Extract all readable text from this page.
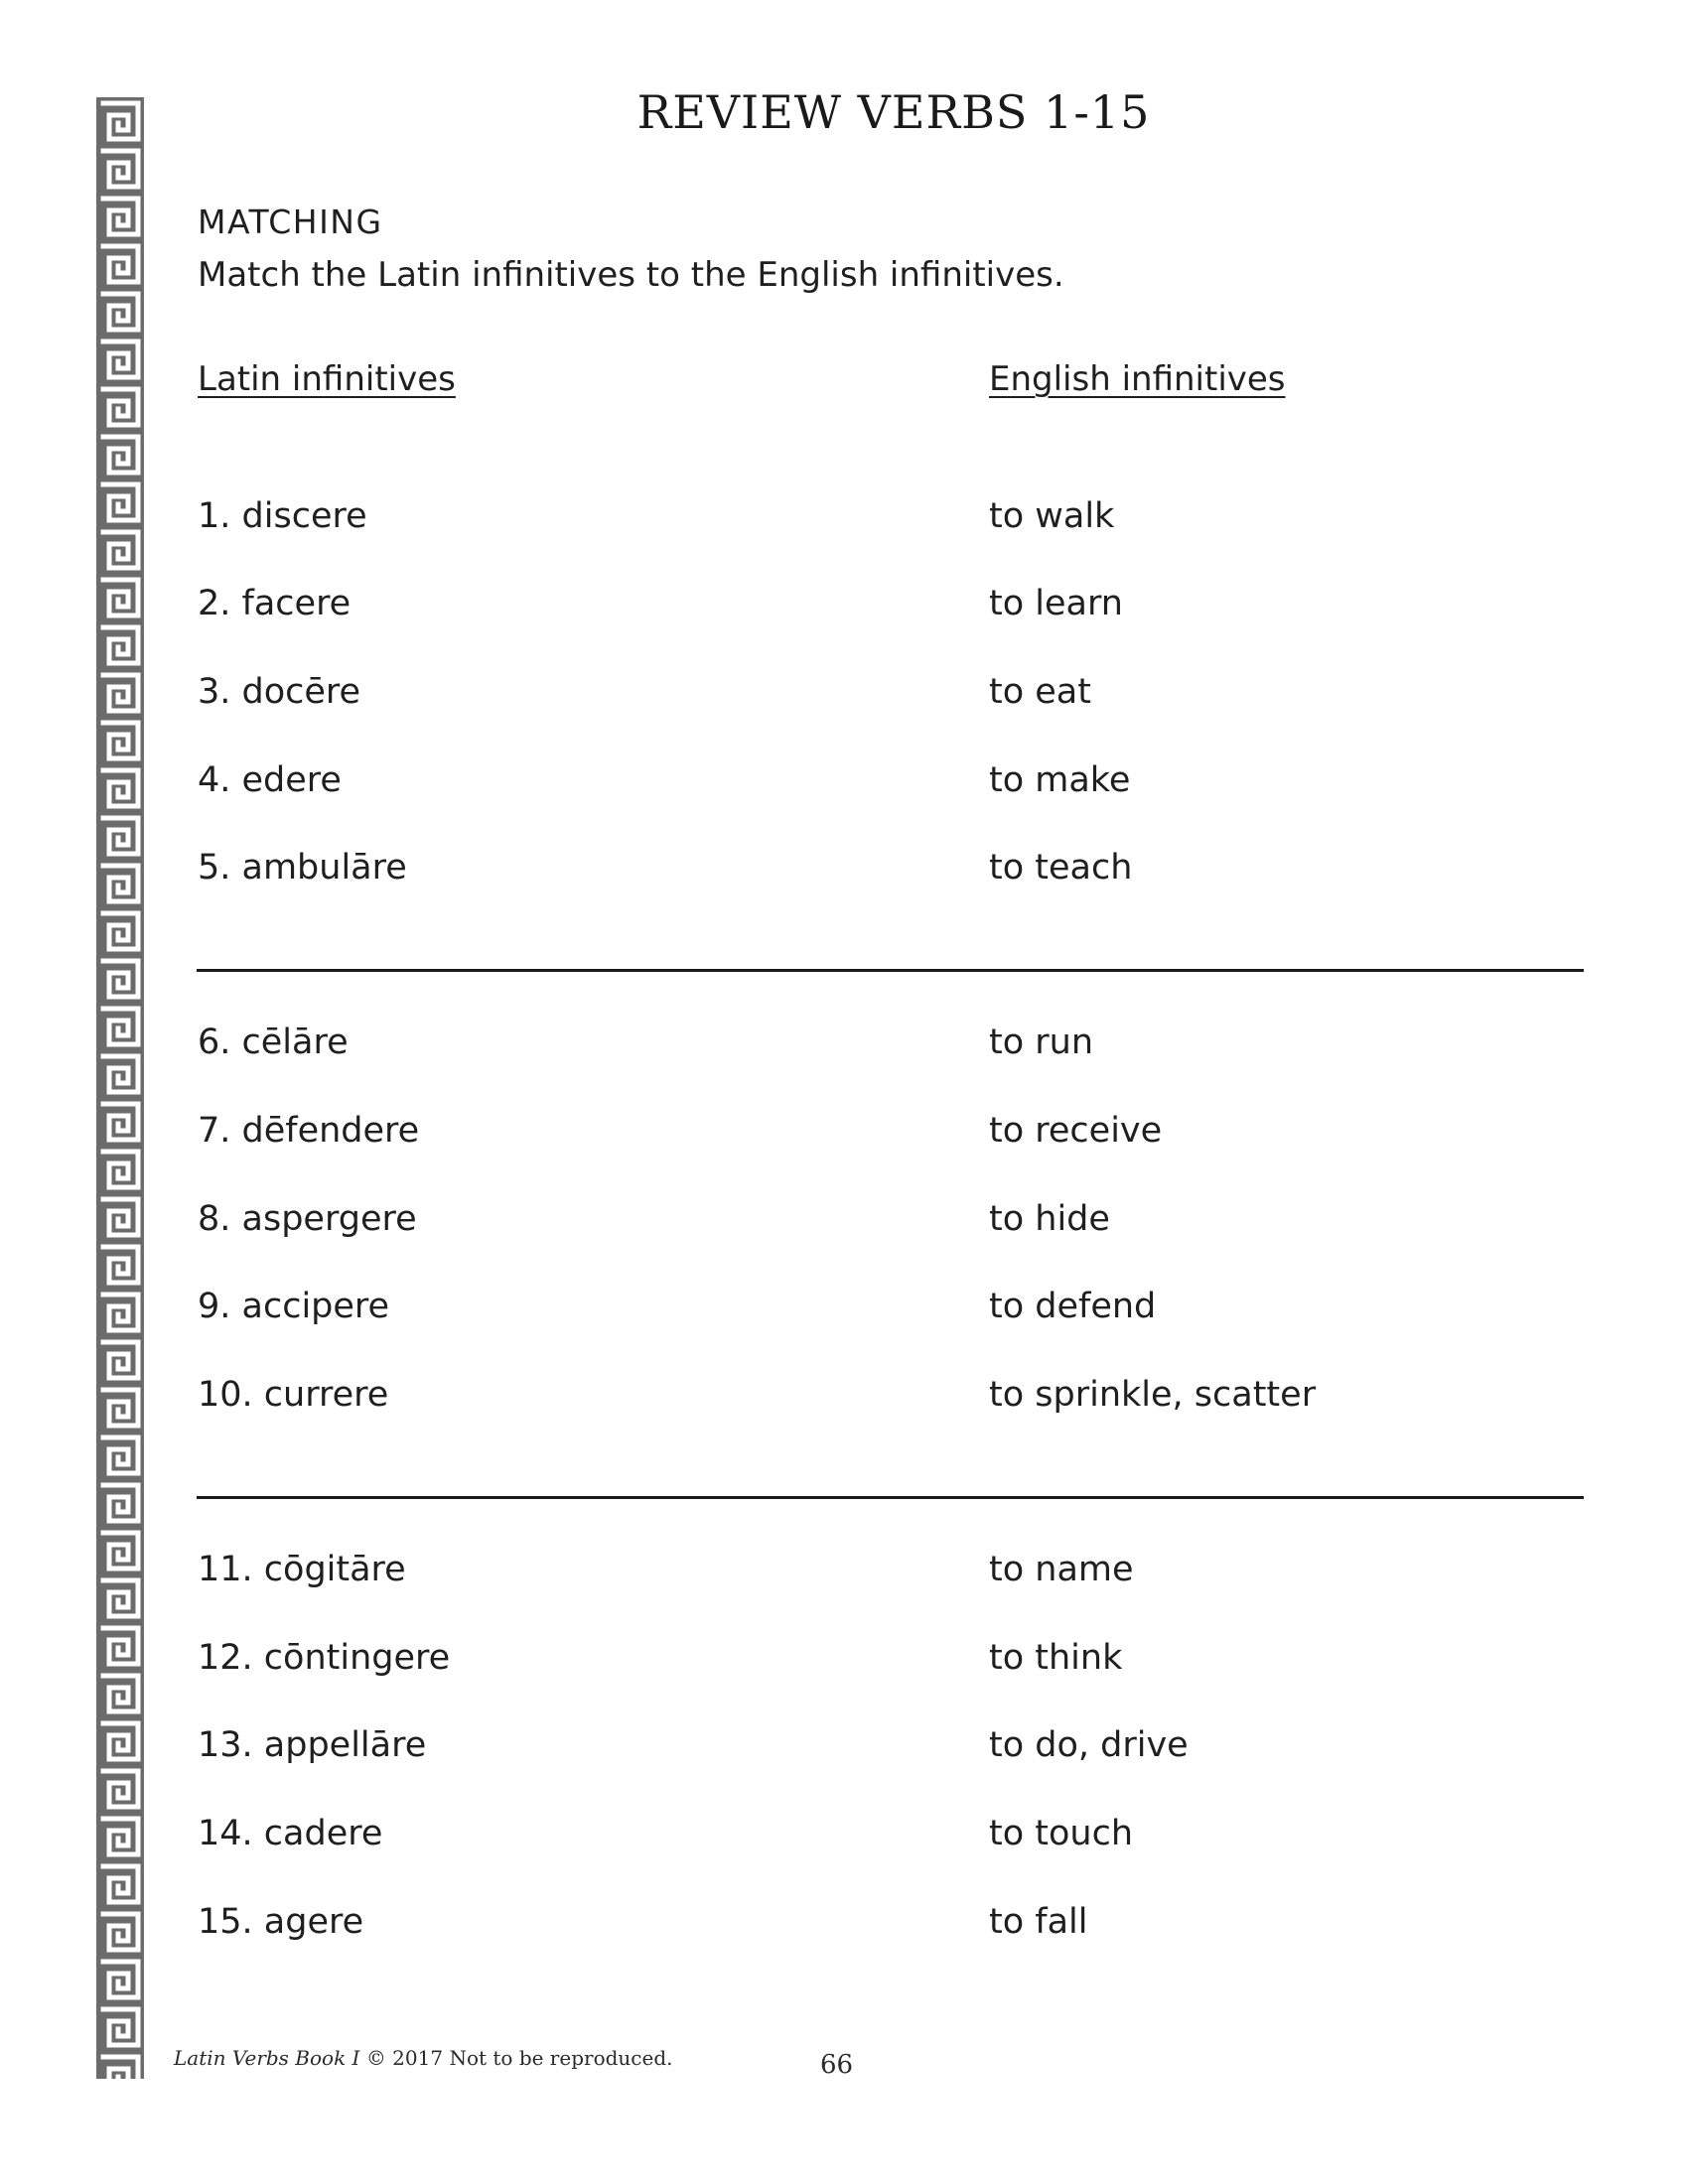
REVIEW VERBS 1-15
MATCHING
Match the Latin infinitives to the English infinitives.
Latin infinitives	English infinitives
1. discere	to walk
2. facere	to learn
3. docēre	to eat
4. edere	to make
5. ambulāre	to teach
6. cēlāre	to run
7. dēfendere	to receive
8. aspergere	to hide
9. accipere	to defend
10. currere	to sprinkle, scatter
11. cōgitāre	to name
12. cōntingere	to think
13. appellāre	to do, drive
14. cadere	to touch
15. agere	to fall
Latin Verbs Book I © 2017 Not to be reproduced.	66
